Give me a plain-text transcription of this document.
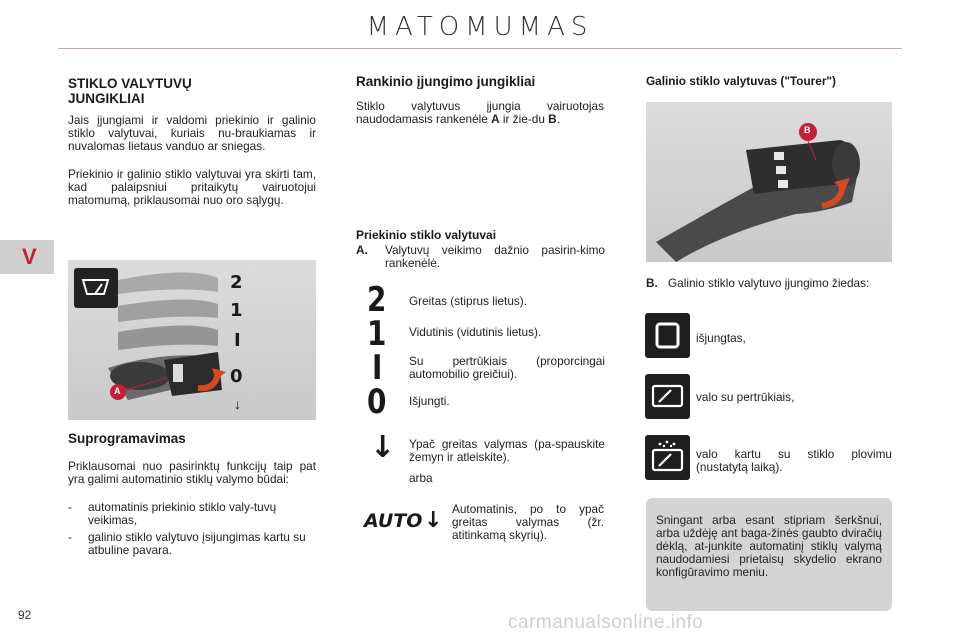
MATOMUMAS
V
STIKLO VALYTUVŲ JUNGIKLIAI
Jais įjungiami ir valdomi priekinio ir galinio stiklo valytuvai, kuriais nu-braukiamas ir nuvalomas lietaus vanduo ar sniegas.
Priekinio ir galinio stiklo valytuvai yra skirti tam, kad palaipsniui pritaikytų vairuotojui matomumą, priklausomai nuo oro sąlygų.
2
1
I
0
↓
A
Suprogramavimas
Priklausomai nuo pasirinktų funkcijų taip pat yra galimi automatinio stiklų valymo būdai:
- automatinis priekinio stiklo valy-tuvų veikimas,
- galinio stiklo valytuvo įsijungimas kartu su atbuline pavara.
Rankinio įjungimo jungikliai
Stiklo valytuvus įjungia vairuotojas naudodamasis rankenėle A ir žie-du B.
Priekinio stiklo valytuvai
A. Valytuvų veikimo dažnio pasirin-kimo rankenėlė.
2 Greitas (stiprus lietus).
1 Vidutinis (vidutinis lietus).
I Su pertrūkiais (proporcingai automobilio greičiui).
0 Išjungti.
↓ Ypač greitas valymas (pa-spauskite žemyn ir atleiskite).
arba
AUTO ↓ Automatinis, po to ypač greitas valymas (žr. atitinkamą skyrių).
Galinio stiklo valytuvas ("Tourer")
B
B. Galinio stiklo valytuvo įjungimo žiedas:
išjungtas,
valo su pertrūkiais,
valo kartu su stiklo plovimu (nustatytą laiką).
Sningant arba esant stipriam šerkšnui, arba uždėję ant baga-žinės gaubto dviračių dėklą, at-junkite automatinį stiklų valymą naudodamiesi prietaisų skydelio ekrano konfigūravimo meniu.
92	carmanualsonline.info
